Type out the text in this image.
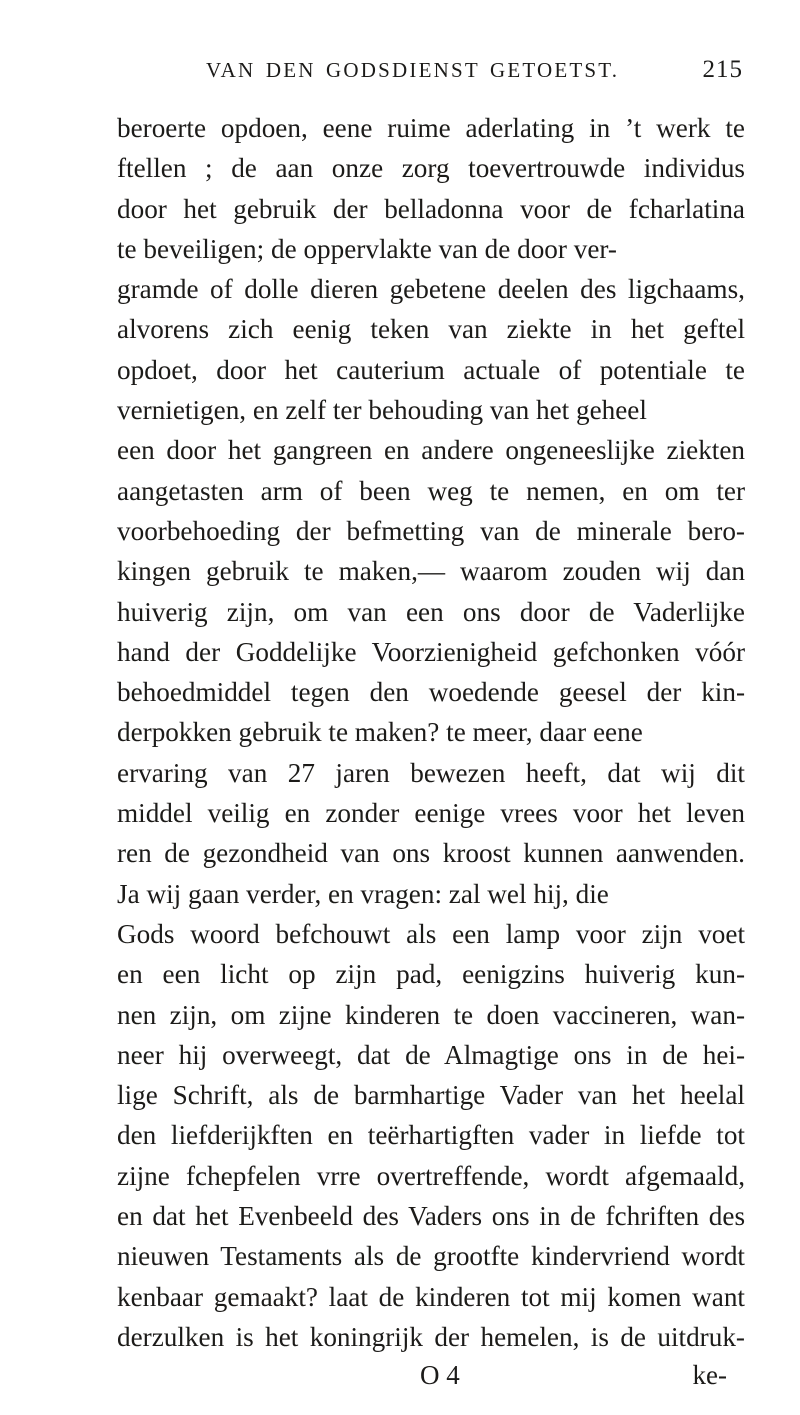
VAN DEN GODSDIENST GETOETST.	215
beroerte opdoen, eene ruime aderlating in ’t werk te
ftellen ; de aan onze zorg toevertrouwde individus
door het gebruik der belladonna voor de fcharlatina
te beveiligen; de oppervlakte van de door ver-
gramde of dolle dieren gebetene deelen des ligchaams,
alvorens zich eenig teken van ziekte in het geftel
opdoet, door het cauterium actuale of potentiale te
vernietigen, en zelf ter behouding van het geheel
een door het gangreen en andere ongeneeslijke ziekten
aangetasten arm of been weg te nemen, en om ter
voorbehoeding der befmetting van de minerale bero-
kingen gebruik te maken,— waarom zouden wij dan
huiverig zijn, om van een ons door de Vaderlijke
hand der Goddelijke Voorzienigheid gefchonken vóór
behoedmiddel tegen den woedende geesel der kin-
derpokken gebruik te maken? te meer, daar eene
ervaring van 27 jaren bewezen heeft, dat wij dit
middel veilig en zonder eenige vrees voor het leven
ren de gezondheid van ons kroost kunnen aanwenden.
Ja wij gaan verder, en vragen: zal wel hij, die
Gods woord befchouwt als een lamp voor zijn voet
en een licht op zijn pad, eenigzins huiverig kun-
nen zijn, om zijne kinderen te doen vaccineren, wan-
neer hij overweegt, dat de Almagtige ons in de hei-
lige Schrift, als de barmhartige Vader van het heelal
den liefderijkften en teërhartigften vader in liefde tot
zijne fchepfelen vrre overtreffende, wordt afgemaald,
en dat het Evenbeeld des Vaders ons in de fchriften des
nieuwen Testaments als de grootfte kindervriend wordt
kenbaar gemaakt? laat de kinderen tot mij komen want
derzulken is het koningrijk der hemelen, is de uitdruk-
O 4	ke-
